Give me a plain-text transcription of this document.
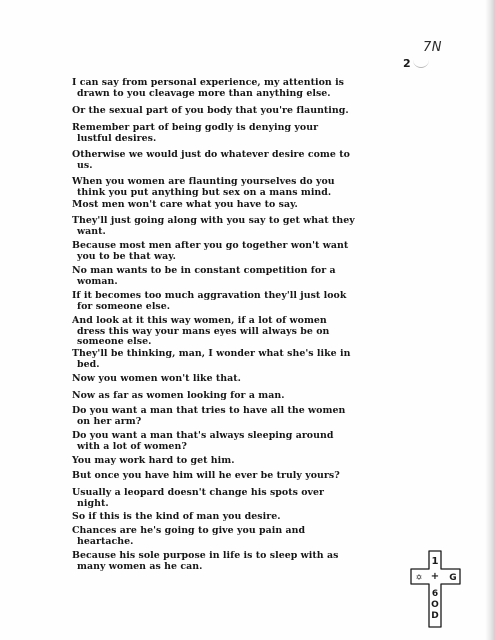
7N
2

I can say from personal experience, my attention is
drawn to you cleavage more than anything else.

Or the sexual part of you body that you're flaunting.

Remember part of being godly is denying your
lustful desires.

Otherwise we would just do whatever desire come to
us.

When you women are flaunting yourselves do you
think you put anything but sex on a mans mind.

Most men won't care what you have to say.

They'll just going along with you say to get what they
want.

Because most men after you go together won't want
you to be that way.

No man wants to be in constant competition for a
woman.

If it becomes too much aggravation they'll just look
for someone else.

And look at it this way women, if a lot of women
dress this way your mans eyes will always be on
someone else.

They'll be thinking, man, I wonder what she's like in
bed.

Now you women won't like that.

Now as far as women looking for a man.

Do you want a man that tries to have all the women
on her arm?

Do you want a man that's always sleeping around
with a lot of women?

You may work hard to get him.

But once you have him will he ever be truly yours?

Usually a leopard doesn't change his spots over
night.

So if this is the kind of man you desire.

Chances are he's going to give you pain and
heartache.

Because his sole purpose in life is to sleep with as
many women as he can.	1
✡	G
+
6
O
D
